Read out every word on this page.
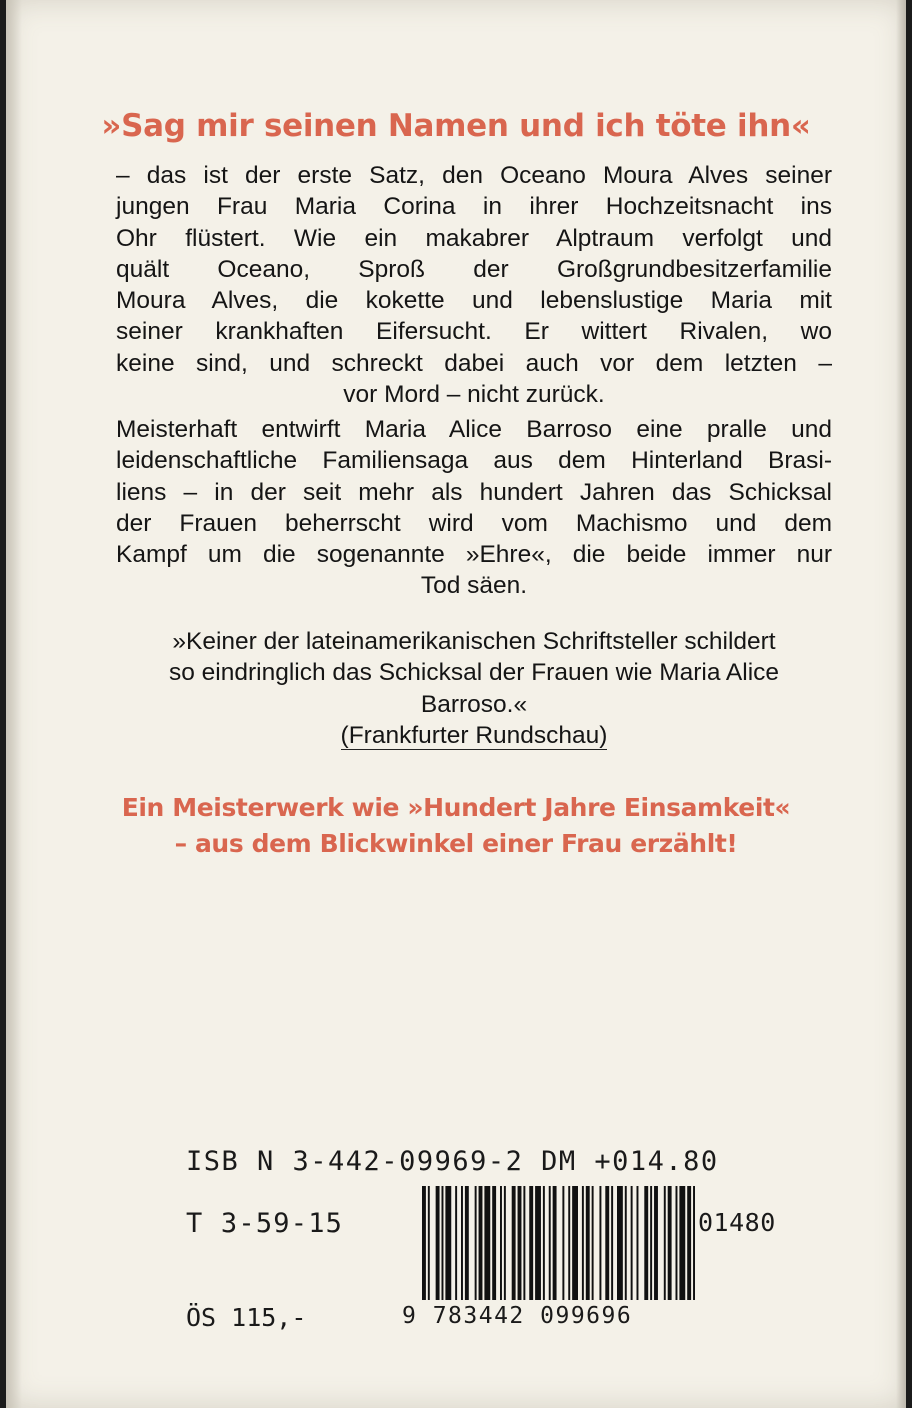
»Sag mir seinen Namen und ich töte ihn«
– das ist der erste Satz, den Oceano Moura Alves seiner
jungen Frau Maria Corina in ihrer Hochzeitsnacht ins
Ohr flüstert. Wie ein makabrer Alptraum verfolgt und
quält Oceano, Sproß der Großgrundbesitzerfamilie
Moura Alves, die kokette und lebenslustige Maria mit
seiner krankhaften Eifersucht. Er wittert Rivalen, wo
keine sind, und schreckt dabei auch vor dem letzten –
vor Mord – nicht zurück.
Meisterhaft entwirft Maria Alice Barroso eine pralle und
leidenschaftliche Familiensaga aus dem Hinterland Brasi-
liens – in der seit mehr als hundert Jahren das Schicksal
der Frauen beherrscht wird vom Machismo und dem
Kampf um die sogenannte »Ehre«, die beide immer nur
Tod säen.
»Keiner der lateinamerikanischen Schriftsteller schildert
so eindringlich das Schicksal der Frauen wie Maria Alice
Barroso.«
(Frankfurter Rundschau)
Ein Meisterwerk wie »Hundert Jahre Einsamkeit«
– aus dem Blickwinkel einer Frau erzählt!
ISB N 3-442-09969-2 DM +014.80
T 3-59-15	01480
ÖS 115,-	9 783442 099696
